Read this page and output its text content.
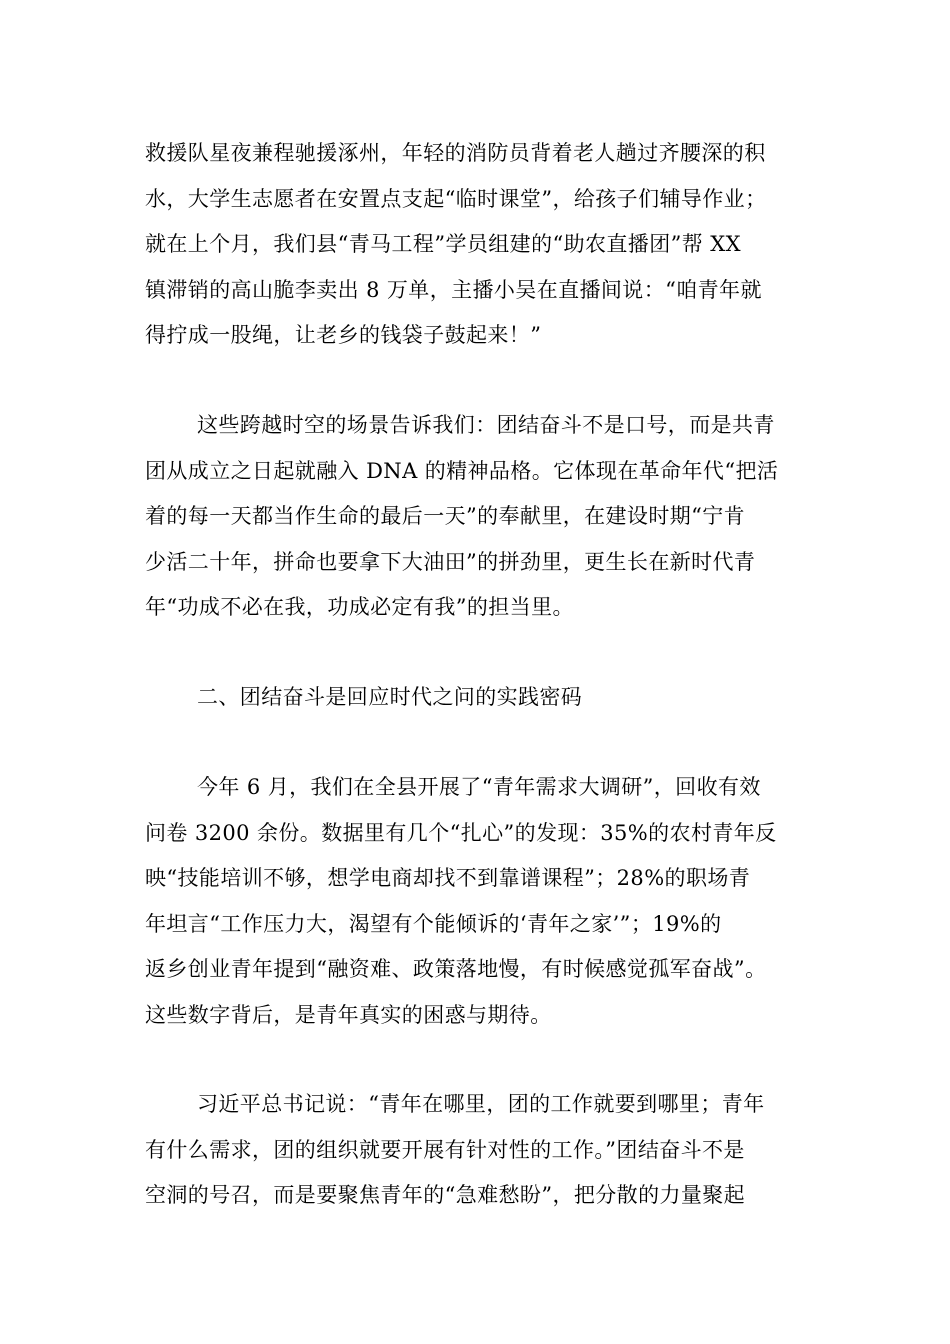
救援队星夜兼程驰援涿州，年轻的消防员背着老人趟过齐腰深的积
水，大学生志愿者在安置点支起“临时课堂”，给孩子们辅导作业；
就在上个月，我们县“青马工程”学员组建的“助农直播团”帮 XX
镇滞销的高山脆李卖出 8 万单，主播小吴在直播间说：“咱青年就
得拧成一股绳，让老乡的钱袋子鼓起来！”
这些跨越时空的场景告诉我们：团结奋斗不是口号，而是共青
团从成立之日起就融入 DNA 的精神品格。它体现在革命年代“把活
着的每一天都当作生命的最后一天”的奉献里，在建设时期“宁肯
少活二十年，拼命也要拿下大油田”的拼劲里，更生长在新时代青
年“功成不必在我，功成必定有我”的担当里。
二、团结奋斗是回应时代之问的实践密码
今年 6 月，我们在全县开展了“青年需求大调研”，回收有效
问卷 3200 余份。数据里有几个“扎心”的发现：35%的农村青年反
映“技能培训不够，想学电商却找不到靠谱课程”；28%的职场青
年坦言“工作压力大，渴望有个能倾诉的‘青年之家’”；19%的
返乡创业青年提到“融资难、政策落地慢，有时候感觉孤军奋战”。
这些数字背后，是青年真实的困惑与期待。
习近平总书记说：“青年在哪里，团的工作就要到哪里；青年
有什么需求，团的组织就要开展有针对性的工作。”团结奋斗不是
空洞的号召，而是要聚焦青年的“急难愁盼”，把分散的力量聚起
